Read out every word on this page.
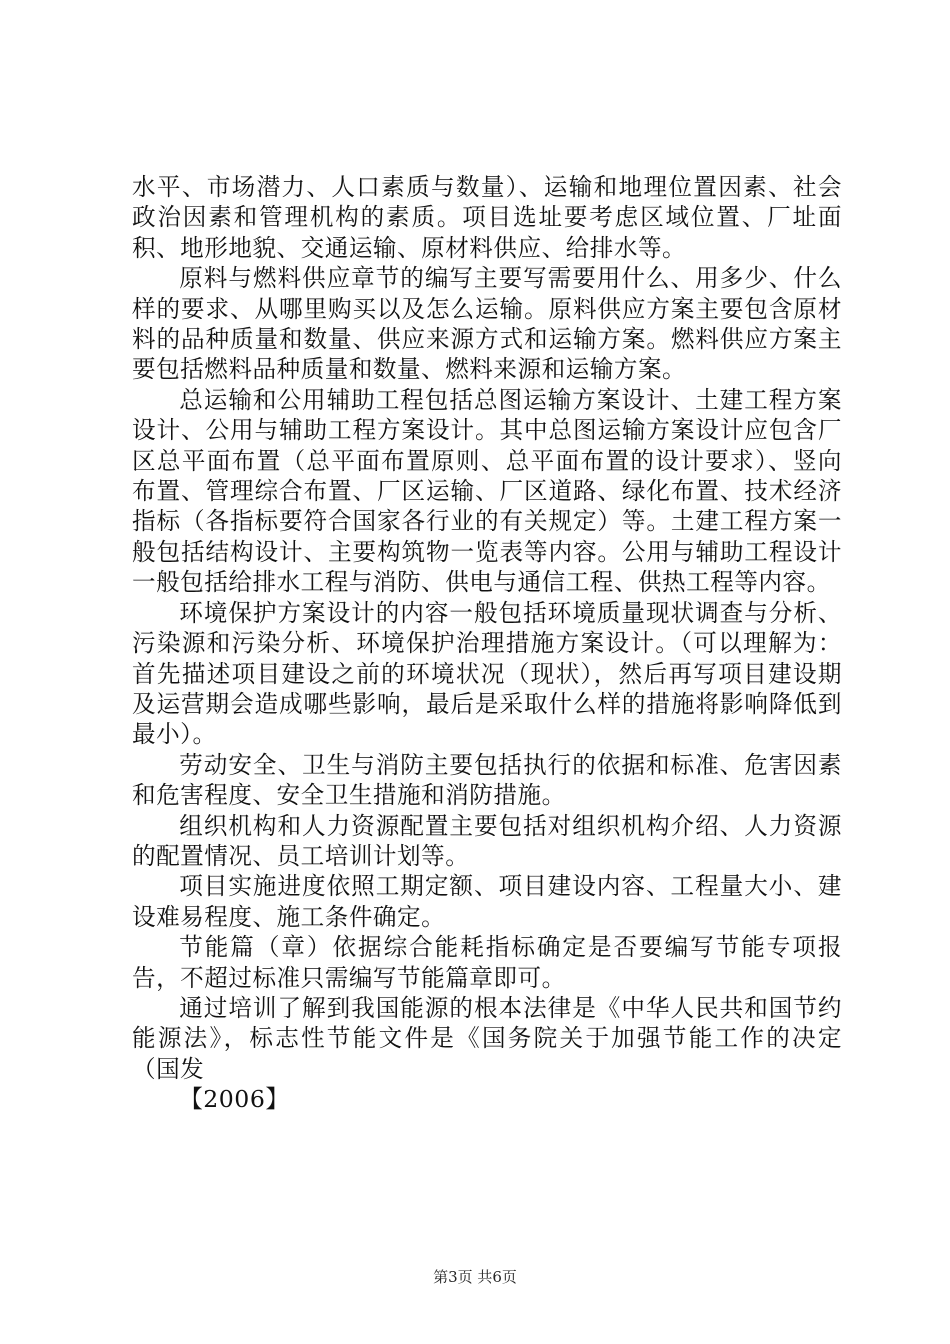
水平、市场潜力、人口素质与数量）、运输和地理位置因素、社会政治因素和管理机构的素质。项目选址要考虑区域位置、厂址面积、地形地貌、交通运输、原材料供应、给排水等。

原料与燃料供应章节的编写主要写需要用什么、用多少、什么样的要求、从哪里购买以及怎么运输。原料供应方案主要包含原材料的品种质量和数量、供应来源方式和运输方案。燃料供应方案主要包括燃料品种质量和数量、燃料来源和运输方案。

总运输和公用辅助工程包括总图运输方案设计、土建工程方案设计、公用与辅助工程方案设计。其中总图运输方案设计应包含厂区总平面布置（总平面布置原则、总平面布置的设计要求）、竖向布置、管理综合布置、厂区运输、厂区道路、绿化布置、技术经济指标（各指标要符合国家各行业的有关规定）等。土建工程方案一般包括结构设计、主要构筑物一览表等内容。公用与辅助工程设计一般包括给排水工程与消防、供电与通信工程、供热工程等内容。

环境保护方案设计的内容一般包括环境质量现状调查与分析、污染源和污染分析、环境保护治理措施方案设计。（可以理解为：首先描述项目建设之前的环境状况（现状），然后再写项目建设期及运营期会造成哪些影响，最后是采取什么样的措施将影响降低到最小）。

劳动安全、卫生与消防主要包括执行的依据和标准、危害因素和危害程度、安全卫生措施和消防措施。

组织机构和人力资源配置主要包括对组织机构介绍、人力资源的配置情况、员工培训计划等。

项目实施进度依照工期定额、项目建设内容、工程量大小、建设难易程度、施工条件确定。

节能篇（章）依据综合能耗指标确定是否要编写节能专项报告，不超过标准只需编写节能篇章即可。

通过培训了解到我国能源的根本法律是《中华人民共和国节约能源法》，标志性节能文件是《国务院关于加强节能工作的决定（国发

【2006】

第3页 共6页
